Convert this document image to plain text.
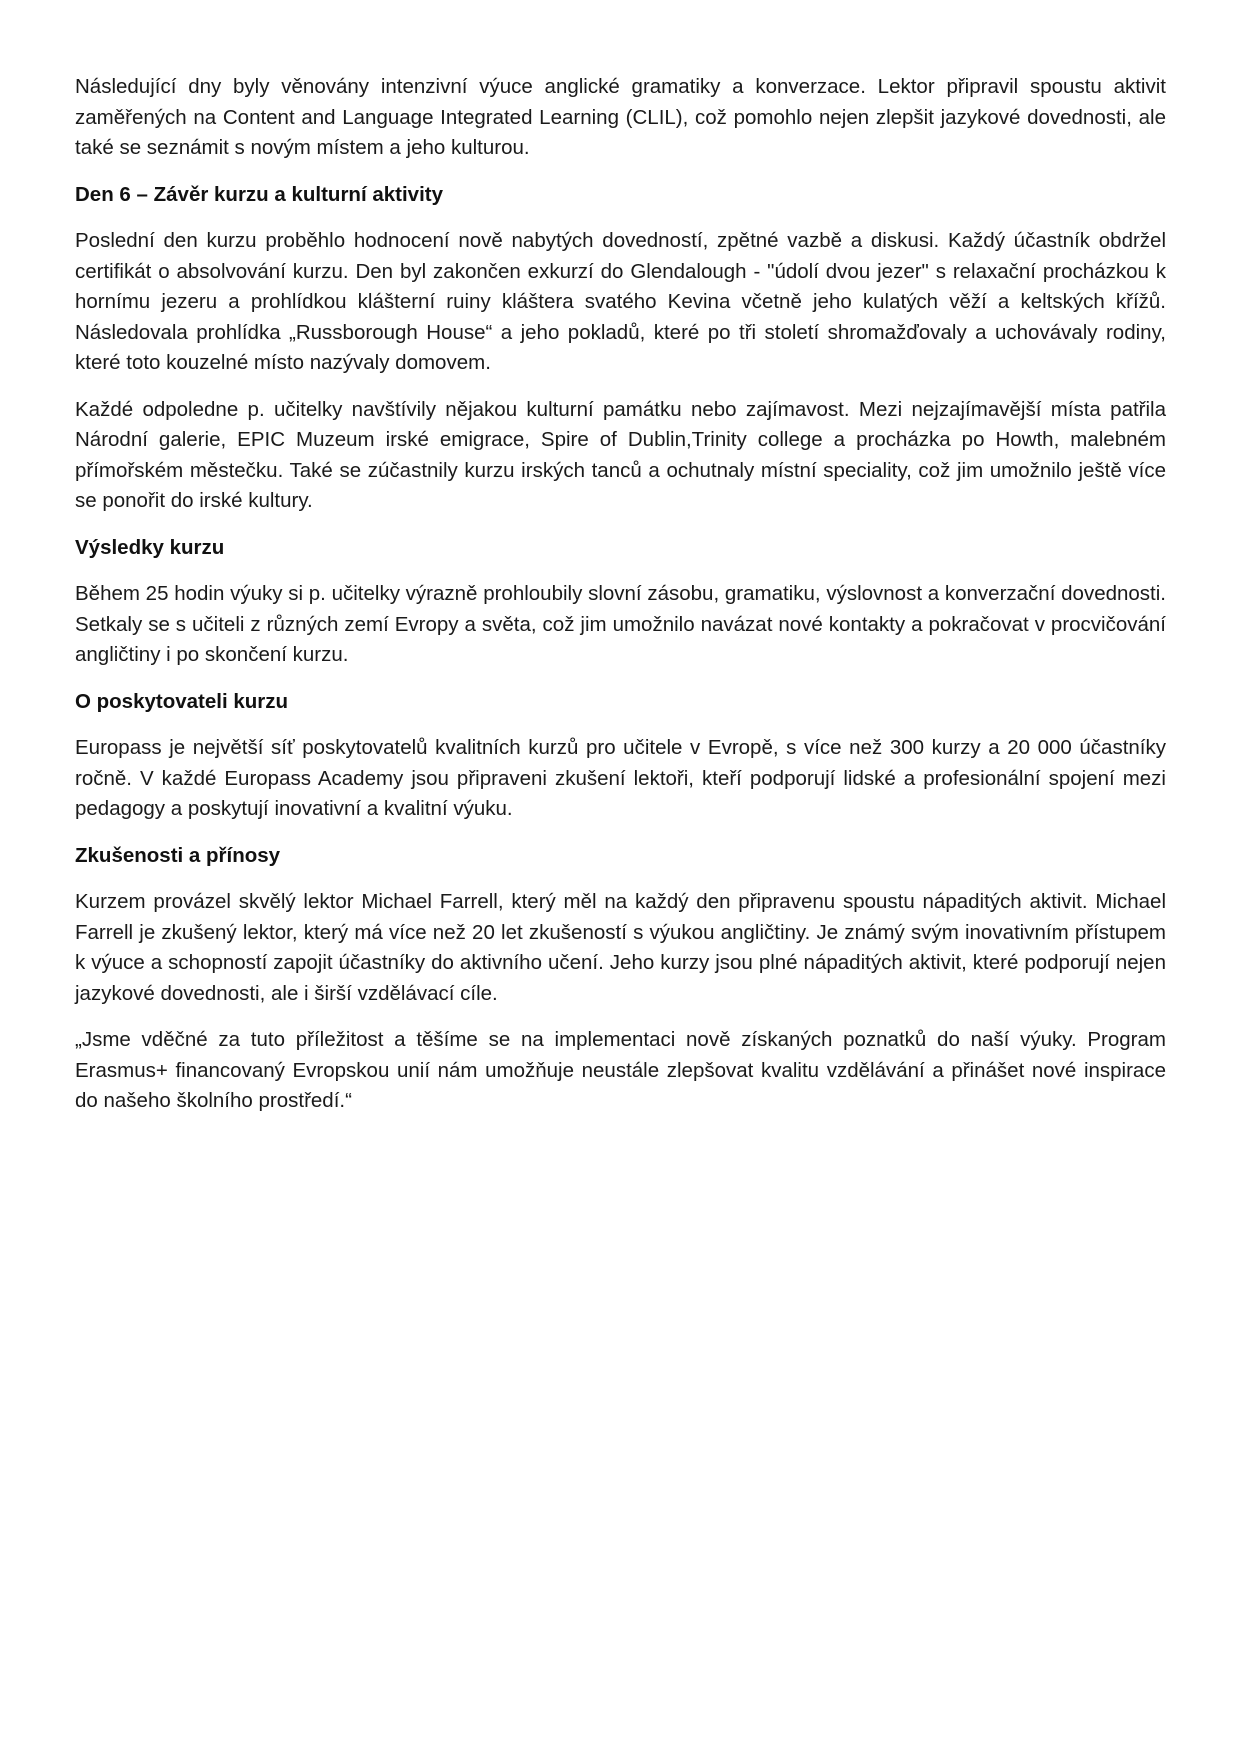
Následující dny byly věnovány intenzivní výuce anglické gramatiky a konverzace. Lektor připravil spoustu aktivit zaměřených na Content and Language Integrated Learning (CLIL), což pomohlo nejen zlepšit jazykové dovednosti, ale také se seznámit s novým místem a jeho kulturou.

Den 6 – Závěr kurzu a kulturní aktivity

Poslední den kurzu proběhlo hodnocení nově nabytých dovedností, zpětné vazbě a diskusi. Každý účastník obdržel certifikát o absolvování kurzu. Den byl zakončen exkurzí do Glendalough - "údolí dvou jezer" s relaxační procházkou k hornímu jezeru a prohlídkou klášterní ruiny kláštera svatého Kevina včetně jeho kulatých věží a keltských křížů. Následovala prohlídka „Russborough House“ a jeho pokladů, které po tři století shromažďovaly a uchovávaly rodiny, které toto kouzelné místo nazývaly domovem.

Každé odpoledne p. učitelky navštívily nějakou kulturní památku nebo zajímavost. Mezi nejzajímavější místa patřila Národní galerie, EPIC Muzeum irské emigrace, Spire of Dublin,Trinity college a procházka po Howth, malebném přímořském městečku. Také se zúčastnily kurzu irských tanců a ochutnaly místní speciality, což jim umožnilo ještě více se ponořit do irské kultury.

Výsledky kurzu

Během 25 hodin výuky si p. učitelky výrazně prohloubily slovní zásobu, gramatiku, výslovnost a konverzační dovednosti. Setkaly se s učiteli z různých zemí Evropy a světa, což jim umožnilo navázat nové kontakty a pokračovat v procvičování angličtiny i po skončení kurzu.

O poskytovateli kurzu

Europass je největší síť poskytovatelů kvalitních kurzů pro učitele v Evropě, s více než 300 kurzy a 20 000 účastníky ročně. V každé Europass Academy jsou připraveni zkušení lektoři, kteří podporují lidské a profesionální spojení mezi pedagogy a poskytují inovativní a kvalitní výuku.

Zkušenosti a přínosy

Kurzem provázel skvělý lektor Michael Farrell, který měl na každý den připravenu spoustu nápaditých aktivit. Michael Farrell je zkušený lektor, který má více než 20 let zkušeností s výukou angličtiny. Je známý svým inovativním přístupem k výuce a schopností zapojit účastníky do aktivního učení. Jeho kurzy jsou plné nápaditých aktivit, které podporují nejen jazykové dovednosti, ale i širší vzdělávací cíle.

„Jsme vděčné za tuto příležitost a těšíme se na implementaci nově získaných poznatků do naší výuky. Program Erasmus+ financovaný Evropskou unií nám umožňuje neustále zlepšovat kvalitu vzdělávání a přinášet nové inspirace do našeho školního prostředí.“
